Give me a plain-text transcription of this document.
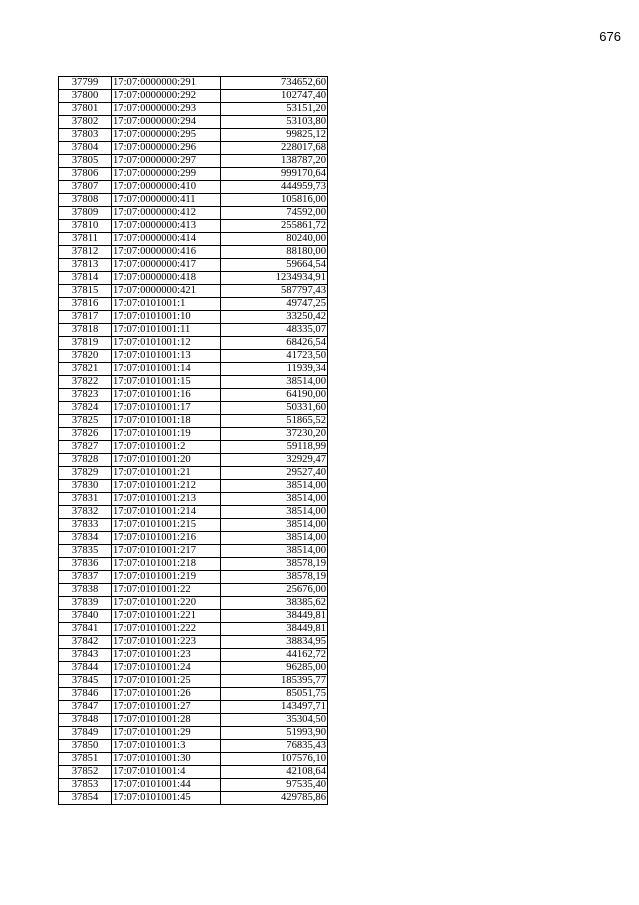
676
37799	17:07:0000000:291	734652,60
37800	17:07:0000000:292	102747,40
37801	17:07:0000000:293	53151,20
37802	17:07:0000000:294	53103,80
37803	17:07:0000000:295	99825,12
37804	17:07:0000000:296	228017,68
37805	17:07:0000000:297	138787,20
37806	17:07:0000000:299	999170,64
37807	17:07:0000000:410	444959,73
37808	17:07:0000000:411	105816,00
37809	17:07:0000000:412	74592,00
37810	17:07:0000000:413	255861,72
37811	17:07:0000000:414	80240,00
37812	17:07:0000000:416	88180,00
37813	17:07:0000000:417	59664,54
37814	17:07:0000000:418	1234934,91
37815	17:07:0000000:421	587797,43
37816	17:07:0101001:1	49747,25
37817	17:07:0101001:10	33250,42
37818	17:07:0101001:11	48335,07
37819	17:07:0101001:12	68426,54
37820	17:07:0101001:13	41723,50
37821	17:07:0101001:14	11939,34
37822	17:07:0101001:15	38514,00
37823	17:07:0101001:16	64190,00
37824	17:07:0101001:17	50331,60
37825	17:07:0101001:18	51865,52
37826	17:07:0101001:19	37230,20
37827	17:07:0101001:2	59118,99
37828	17:07:0101001:20	32929,47
37829	17:07:0101001:21	29527,40
37830	17:07:0101001:212	38514,00
37831	17:07:0101001:213	38514,00
37832	17:07:0101001:214	38514,00
37833	17:07:0101001:215	38514,00
37834	17:07:0101001:216	38514,00
37835	17:07:0101001:217	38514,00
37836	17:07:0101001:218	38578,19
37837	17:07:0101001:219	38578,19
37838	17:07:0101001:22	25676,00
37839	17:07:0101001:220	38385,62
37840	17:07:0101001:221	38449,81
37841	17:07:0101001:222	38449,81
37842	17:07:0101001:223	38834,95
37843	17:07:0101001:23	44162,72
37844	17:07:0101001:24	96285,00
37845	17:07:0101001:25	185395,77
37846	17:07:0101001:26	85051,75
37847	17:07:0101001:27	143497,71
37848	17:07:0101001:28	35304,50
37849	17:07:0101001:29	51993,90
37850	17:07:0101001:3	76835,43
37851	17:07:0101001:30	107576,10
37852	17:07:0101001:4	42108,64
37853	17:07:0101001:44	97535,40
37854	17:07:0101001:45	429785,86
